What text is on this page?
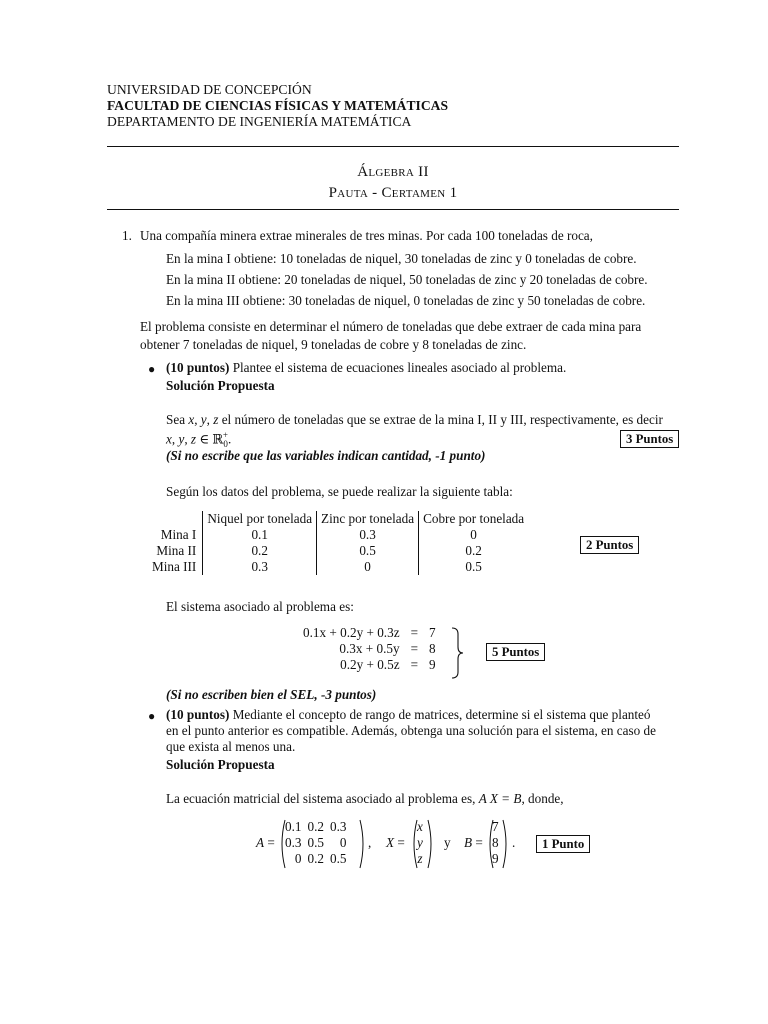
UNIVERSIDAD DE CONCEPCIÓN
FACULTAD DE CIENCIAS FÍSICAS Y MATEMÁTICAS
DEPARTAMENTO DE INGENIERÍA MATEMÁTICA
Álgebra II
Pauta - Certamen 1
1. Una compañía minera extrae minerales de tres minas. Por cada 100 toneladas de roca,
En la mina I obtiene: 10 toneladas de niquel, 30 toneladas de zinc y 0 toneladas de cobre.
En la mina II obtiene: 20 toneladas de niquel, 50 toneladas de zinc y 20 toneladas de cobre.
En la mina III obtiene: 30 toneladas de niquel, 0 toneladas de zinc y 50 toneladas de cobre.
El problema consiste en determinar el número de toneladas que debe extraer de cada mina para
obtener 7 toneladas de niquel, 9 toneladas de cobre y 8 toneladas de zinc.
● (10 puntos) Plantee el sistema de ecuaciones lineales asociado al problema.
Solución Propuesta
Sea x, y, z el número de toneladas que se extrae de la mina I, II y III, respectivamente, es decir
x, y, z ∈ ℝ$_0$+.	3 Puntos
(Si no escribe que las variables indican cantidad, -1 punto)
Según los datos del problema, se puede realizar la siguiente tabla:
	Niquel por tonelada	Zinc por tonelada	Cobre por tonelada
Mina I	0.1	0.3	0
Mina II	0.2	0.5	0.2
Mina III	0.3	0	0.5
2 Puntos
El sistema asociado al problema es:
0.1x + 0.2y + 0.3z	=	7
0.3x + 0.5y	=	8
0.2y + 0.5z	=	9
5 Puntos
(Si no escriben bien el SEL, -3 puntos)
● (10 puntos) Mediante el concepto de rango de matrices, determine si el sistema que planteó
en el punto anterior es compatible. Además, obtenga una solución para el sistema, en caso de
que exista al menos una.
Solución Propuesta
La ecuación matricial del sistema asociado al problema es, A X = B, donde,
A =
0.1	0.2	0.3
0.3	0.5	0
0	0.2	0.5
, X =
x
y
z
y B =
7
8
9
.	1 Punto
